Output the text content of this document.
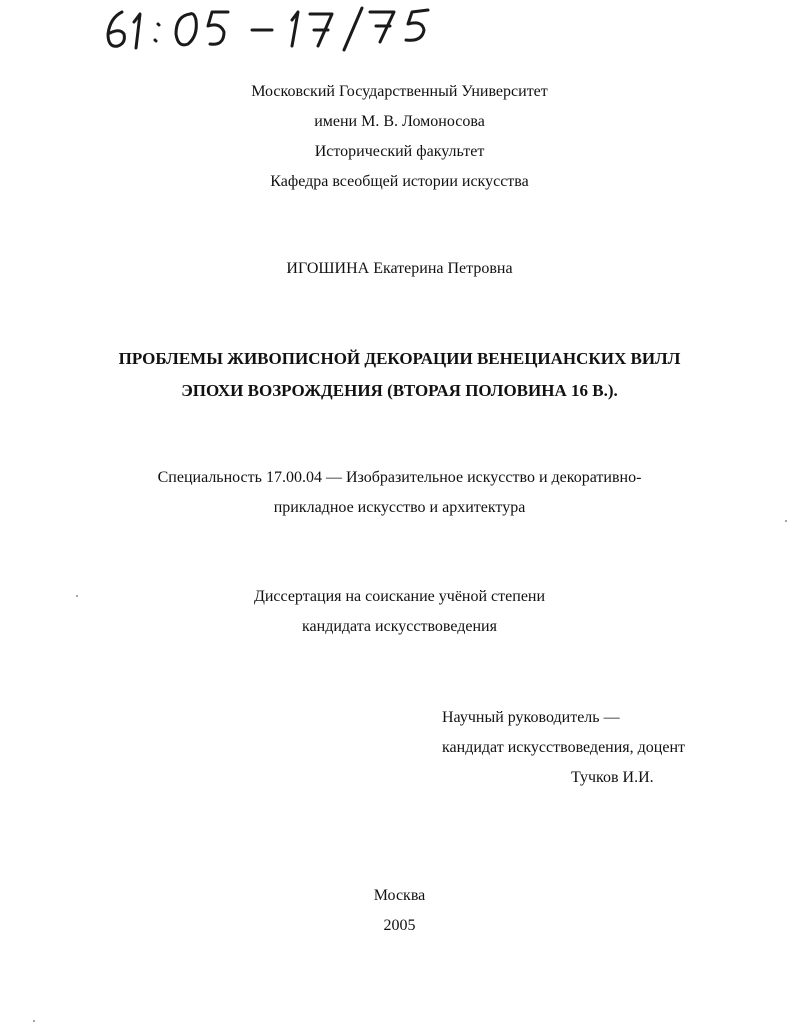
Московский Государственный Университет
имени М. В. Ломоносова
Исторический факультет
Кафедра всеобщей истории искусства
ИГОШИНА Екатерина Петровна
ПРОБЛЕМЫ ЖИВОПИСНОЙ ДЕКОРАЦИИ ВЕНЕЦИАНСКИХ ВИЛЛ
ЭПОХИ ВОЗРОЖДЕНИЯ (ВТОРАЯ ПОЛОВИНА 16 В.).
Специальность 17.00.04 — Изобразительное искусство и декоративно-
прикладное искусство и архитектура
Диссертация на соискание учёной степени
кандидата искусствоведения
Научный руководитель —
кандидат искусствоведения, доцент
Тучков И.И.
Москва
2005
